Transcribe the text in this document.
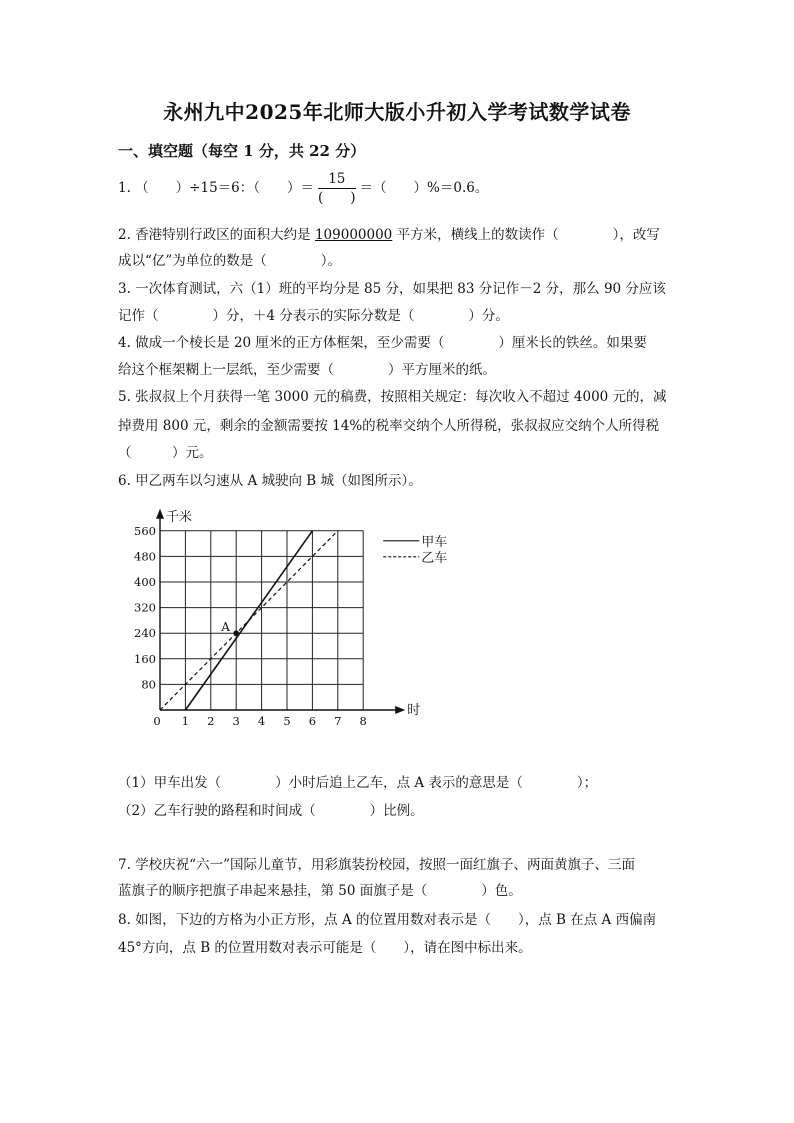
永州九中2025年北师大版小升初入学考试数学试卷
一、填空题（每空 1 分，共 22 分）
1. （　　）÷15＝6：（　　）＝ $\frac{15}{( )}$ ＝（　　）%＝0.6。
2. 香港特别行政区的面积大约是 109000000 平方米，横线上的数读作（　　　　），改写
成以“亿”为单位的数是（　　　　）。
3. 一次体育测试，六（1）班的平均分是 85 分，如果把 83 分记作－2 分，那么 90 分应该
记作（　　　　）分，＋4 分表示的实际分数是（　　　　）分。
4. 做成一个棱长是 20 厘米的正方体框架，至少需要（　　　　）厘米长的铁丝。如果要
给这个框架糊上一层纸，至少需要（　　　　）平方厘米的纸。
5. 张叔叔上个月获得一笔 3000 元的稿费，按照相关规定：每次收入不超过 4000 元的，减
掉费用 800 元，剩余的金额需要按 14%的税率交纳个人所得税，张叔叔应交纳个人所得税
（　　　）元。
6. 甲乙两车以匀速从 A 城驶向 B 城（如图所示）。
千米
时
0 1 2 3 4 5 6 7 8
80
160
240
320
400
480
560
甲车
乙车
A
（1）甲车出发（　　　　）小时后追上乙车，点 A 表示的意思是（　　　　）；
（2）乙车行驶的路程和时间成（　　　　）比例。
7. 学校庆祝“六一”国际儿童节，用彩旗装扮校园，按照一面红旗子、两面黄旗子、三面
蓝旗子的顺序把旗子串起来悬挂，第 50 面旗子是（　　　　）色。
8. 如图，下边的方格为小正方形，点 A 的位置用数对表示是（　　），点 B 在点 A 西偏南
45°方向，点 B 的位置用数对表示可能是（　　），请在图中标出来。
